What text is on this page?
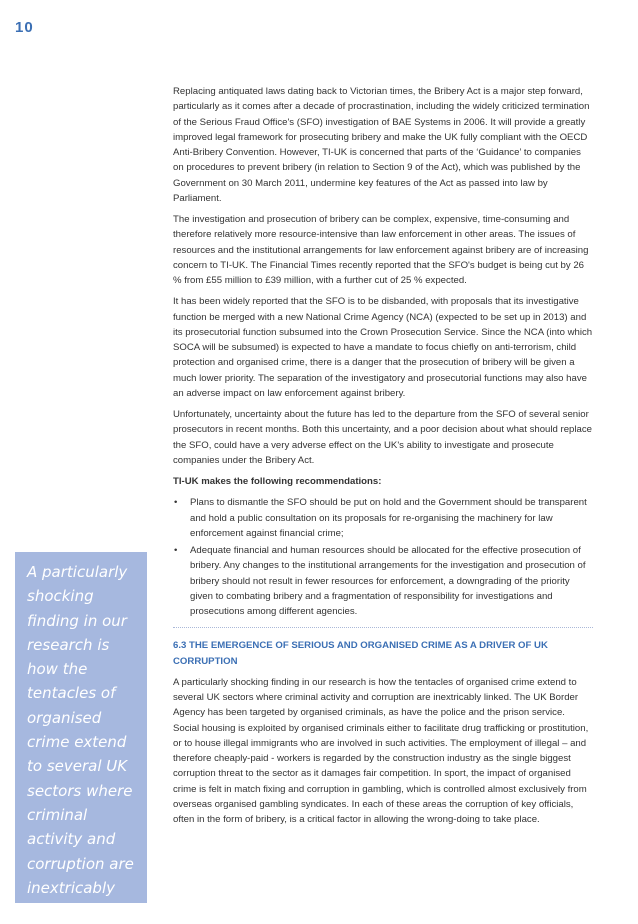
10

A particularly shocking finding in our research is how the tentacles of organised crime extend to several UK sectors where criminal activity and corruption are inextricably linked

Replacing antiquated laws dating back to Victorian times, the Bribery Act is a major step forward, particularly as it comes after a decade of procrastination, including the widely criticized termination of the Serious Fraud Office's (SFO) investigation of BAE Systems in 2006. It will provide a greatly improved legal framework for prosecuting bribery and make the UK fully compliant with the OECD Anti-Bribery Convention. However, TI-UK is concerned that parts of the ‘Guidance’ to companies on procedures to prevent bribery (in relation to Section 9 of the Act), which was published by the Government on 30 March 2011, undermine key features of the Act as passed into law by Parliament.

The investigation and prosecution of bribery can be complex, expensive, time-consuming and therefore relatively more resource-intensive than law enforcement in other areas. The issues of resources and the institutional arrangements for law enforcement against bribery are of increasing concern to TI-UK. The Financial Times recently reported that the SFO's budget is being cut by 26 % from £55 million to £39 million, with a further cut of 25 % expected.

It has been widely reported that the SFO is to be disbanded, with proposals that its investigative function be merged with a new National Crime Agency (NCA) (expected to be set up in 2013) and its prosecutorial function subsumed into the Crown Prosecution Service. Since the NCA (into which SOCA will be subsumed) is expected to have a mandate to focus chiefly on anti-terrorism, child protection and organised crime, there is a danger that the prosecution of bribery will be given a much lower priority. The separation of the investigatory and prosecutorial functions may also have an adverse impact on law enforcement against bribery.

Unfortunately, uncertainty about the future has led to the departure from the SFO of several senior prosecutors in recent months. Both this uncertainty, and a poor decision about what should replace the SFO, could have a very adverse effect on the UK's ability to investigate and prosecute companies under the Bribery Act.

TI-UK makes the following recommendations:
• Plans to dismantle the SFO should be put on hold and the Government should be transparent and hold a public consultation on its proposals for re-organising the machinery for law enforcement against financial crime;
• Adequate financial and human resources should be allocated for the effective prosecution of bribery. Any changes to the institutional arrangements for the investigation and prosecution of bribery should not result in fewer resources for enforcement, a downgrading of the priority given to combating bribery and a fragmentation of responsibility for investigations and prosecutions among different agencies.
6.3 THE EMERGENCE OF SERIOUS AND ORGANISED CRIME AS A DRIVER OF UK CORRUPTION

A particularly shocking finding in our research is how the tentacles of organised crime extend to several UK sectors where criminal activity and corruption are inextricably linked. The UK Border Agency has been targeted by organised criminals, as have the police and the prison service. Social housing is exploited by organised criminals either to facilitate drug trafficking or prostitution, or to house illegal immigrants who are involved in such activities. The employment of illegal – and therefore cheaply-paid - workers is regarded by the construction industry as the single biggest corruption threat to the sector as it damages fair competition. In sport, the impact of organised crime is felt in match fixing and corruption in gambling, which is controlled almost exclusively from overseas organised gambling syndicates. In each of these areas the corruption of key officials, often in the form of bribery, is a critical factor in allowing the wrong-doing to take place.
